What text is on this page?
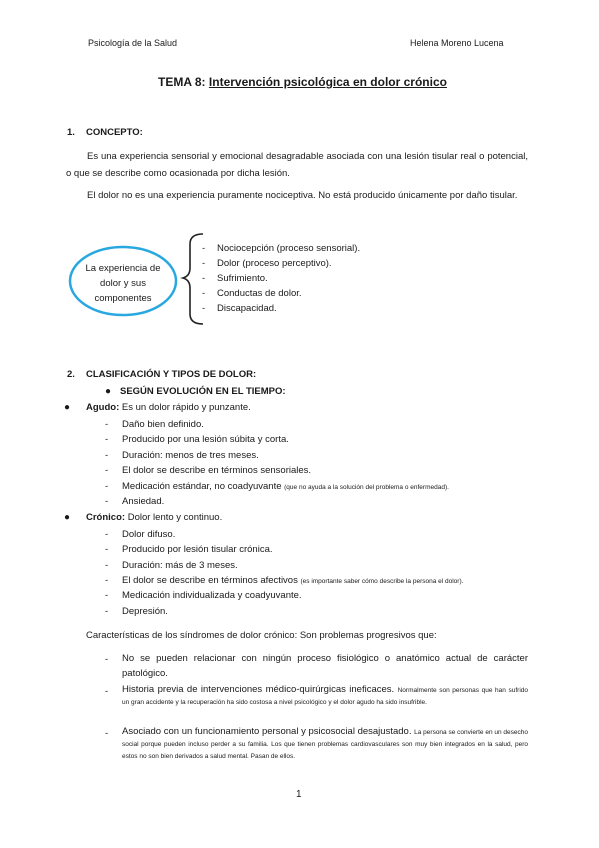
Psicología de la Salud	Helena Moreno Lucena
TEMA 8: Intervención psicológica en dolor crónico
1. CONCEPTO:
Es una experiencia sensorial y emocional desagradable asociada con una lesión tisular real o potencial, o que se describe como ocasionada por dicha lesión.
El dolor no es una experiencia puramente nociceptiva. No está producido únicamente por daño tisular.
La experiencia de dolor y sus componentes
- Nociocepción (proceso sensorial).
- Dolor (proceso perceptivo).
- Sufrimiento.
- Conductas de dolor.
- Discapacidad.
2. CLASIFICACIÓN Y TIPOS DE DOLOR:
● SEGÚN EVOLUCIÓN EN EL TIEMPO:
● Agudo: Es un dolor rápido y punzante.
- Daño bien definido.
- Producido por una lesión súbita y corta.
- Duración: menos de tres meses.
- El dolor se describe en términos sensoriales.
- Medicación estándar, no coadyuvante (que no ayuda a la solución del problema o enfermedad).
- Ansiedad.
● Crónico: Dolor lento y continuo.
- Dolor difuso.
- Producido por lesión tisular crónica.
- Duración: más de 3 meses.
- El dolor se describe en términos afectivos (es importante saber cómo describe la persona el dolor).
- Medicación individualizada y coadyuvante.
- Depresión.
Características de los síndromes de dolor crónico: Son problemas progresivos que:
- No se pueden relacionar con ningún proceso fisiológico o anatómico actual de carácter patológico.
- Historia previa de intervenciones médico-quirúrgicas ineficaces. Normalmente son personas que han sufrido un gran accidente y la recuperación ha sido costosa a nivel psicológico y el dolor agudo ha sido insufrible.
- Asociado con un funcionamiento personal y psicosocial desajustado. La persona se convierte en un desecho social porque pueden incluso perder a su familia. Los que tienen problemas cardiovasculares son muy bien integrados en la salud, pero estos no son bien derivados a salud mental. Pasan de ellos.
1
